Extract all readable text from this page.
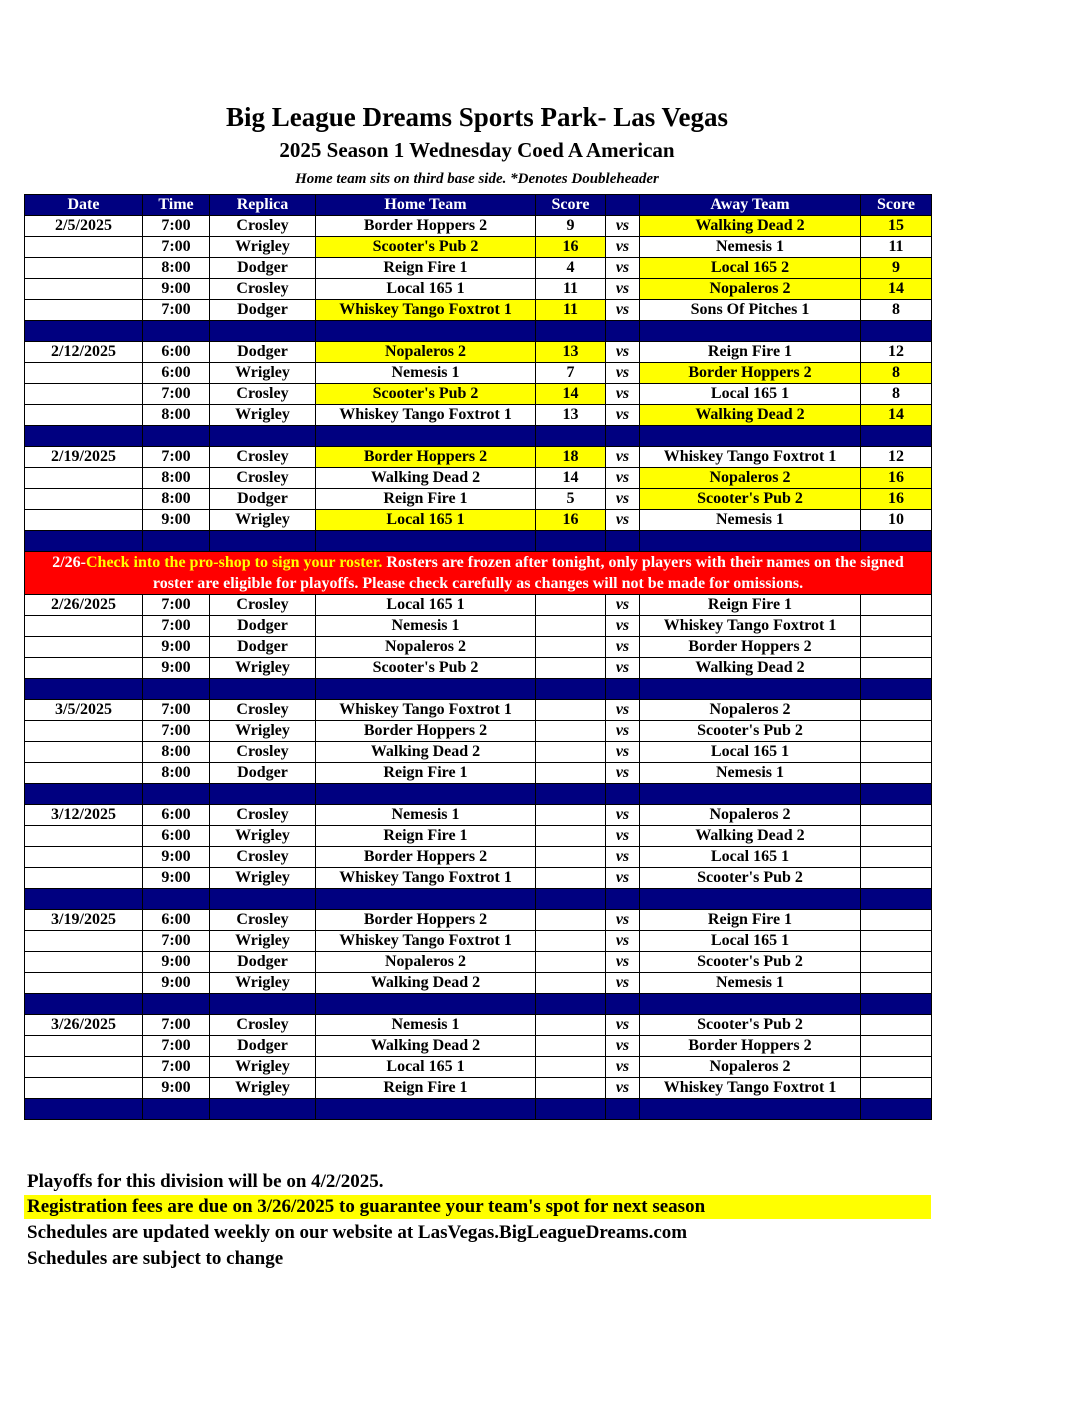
Big League Dreams Sports Park- Las Vegas
2025 Season 1 Wednesday Coed A American
Home team sits on third base side. *Denotes Doubleheader
Date	Time	Replica	Home Team	Score		Away Team	Score
2/5/2025	7:00	Crosley	Border Hoppers 2	9	vs	Walking Dead 2	15
	7:00	Wrigley	Scooter's Pub 2	16	vs	Nemesis 1	11
	8:00	Dodger	Reign Fire 1	4	vs	Local 165 2	9
	9:00	Crosley	Local 165 1	11	vs	Nopaleros 2	14
	7:00	Dodger	Whiskey Tango Foxtrot 1	11	vs	Sons Of Pitches 1	8

2/12/2025	6:00	Dodger	Nopaleros 2	13	vs	Reign Fire 1	12
	6:00	Wrigley	Nemesis 1	7	vs	Border Hoppers 2	8
	7:00	Crosley	Scooter's Pub 2	14	vs	Local 165 1	8
	8:00	Wrigley	Whiskey Tango Foxtrot 1	13	vs	Walking Dead 2	14

2/19/2025	7:00	Crosley	Border Hoppers 2	18	vs	Whiskey Tango Foxtrot 1	12
	8:00	Crosley	Walking Dead 2	14	vs	Nopaleros 2	16
	8:00	Dodger	Reign Fire 1	5	vs	Scooter's Pub 2	16
	9:00	Wrigley	Local 165 1	16	vs	Nemesis 1	10

2/26-Check into the pro-shop to sign your roster. Rosters are frozen after tonight, only players with their names on the signed roster are eligible for playoffs. Please check carefully as changes will not be made for omissions.							
2/26/2025	7:00	Crosley	Local 165 1		vs	Reign Fire 1	
	7:00	Dodger	Nemesis 1		vs	Whiskey Tango Foxtrot 1	
	9:00	Dodger	Nopaleros 2		vs	Border Hoppers 2	
	9:00	Wrigley	Scooter's Pub 2		vs	Walking Dead 2	

3/5/2025	7:00	Crosley	Whiskey Tango Foxtrot 1		vs	Nopaleros 2	
	7:00	Wrigley	Border Hoppers 2		vs	Scooter's Pub 2	
	8:00	Crosley	Walking Dead 2		vs	Local 165 1	
	8:00	Dodger	Reign Fire 1		vs	Nemesis 1	

3/12/2025	6:00	Crosley	Nemesis 1		vs	Nopaleros 2	
	6:00	Wrigley	Reign Fire 1		vs	Walking Dead 2	
	9:00	Crosley	Border Hoppers 2		vs	Local 165 1	
	9:00	Wrigley	Whiskey Tango Foxtrot 1		vs	Scooter's Pub 2	

3/19/2025	6:00	Crosley	Border Hoppers 2		vs	Reign Fire 1	
	7:00	Wrigley	Whiskey Tango Foxtrot 1		vs	Local 165 1	
	9:00	Dodger	Nopaleros 2		vs	Scooter's Pub 2	
	9:00	Wrigley	Walking Dead 2		vs	Nemesis 1	

3/26/2025	7:00	Crosley	Nemesis 1		vs	Scooter's Pub 2	
	7:00	Dodger	Walking Dead 2		vs	Border Hoppers 2	
	7:00	Wrigley	Local 165 1		vs	Nopaleros 2	
	9:00	Wrigley	Reign Fire 1		vs	Whiskey Tango Foxtrot 1	

Playoffs for this division will be on 4/2/2025.
Registration fees are due on 3/26/2025 to guarantee your team's spot for next season
Schedules are updated weekly on our website at LasVegas.BigLeagueDreams.com
Schedules are subject to change
